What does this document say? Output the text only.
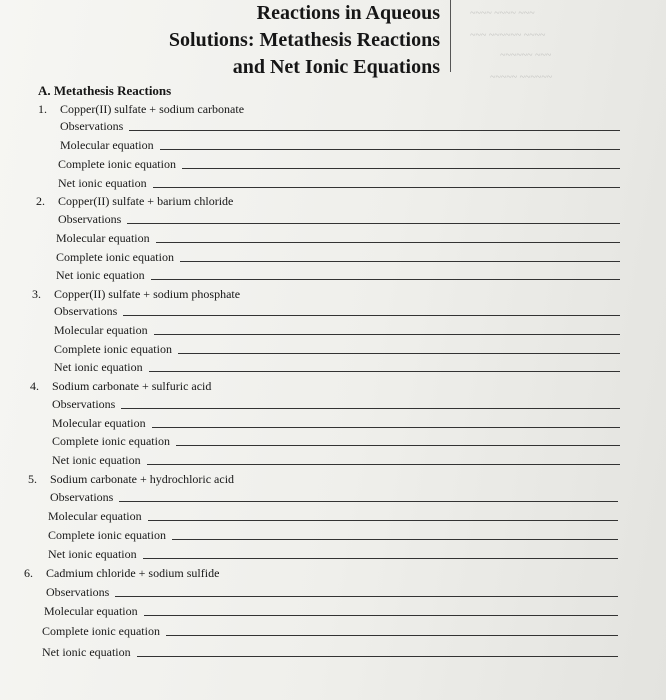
~~~~ ~~~~ ~~~
~~~ ~~~~~~ ~~~~
~~~~~~ ~~~
~~~~~ ~~~~~~
Reactions in Aqueous
Solutions: Metathesis Reactions
and Net Ionic Equations
A. Metathesis Reactions
1. Copper(II) sulfate + sodium carbonate
Observations
Molecular equation
Complete ionic equation
Net ionic equation
2. Copper(II) sulfate + barium chloride
Observations
Molecular equation
Complete ionic equation
Net ionic equation
3. Copper(II) sulfate + sodium phosphate
Observations
Molecular equation
Complete ionic equation
Net ionic equation
4. Sodium carbonate + sulfuric acid
Observations
Molecular equation
Complete ionic equation
Net ionic equation
5. Sodium carbonate + hydrochloric acid
Observations
Molecular equation
Complete ionic equation
Net ionic equation
6. Cadmium chloride + sodium sulfide
Observations
Molecular equation
Complete ionic equation
Net ionic equation
